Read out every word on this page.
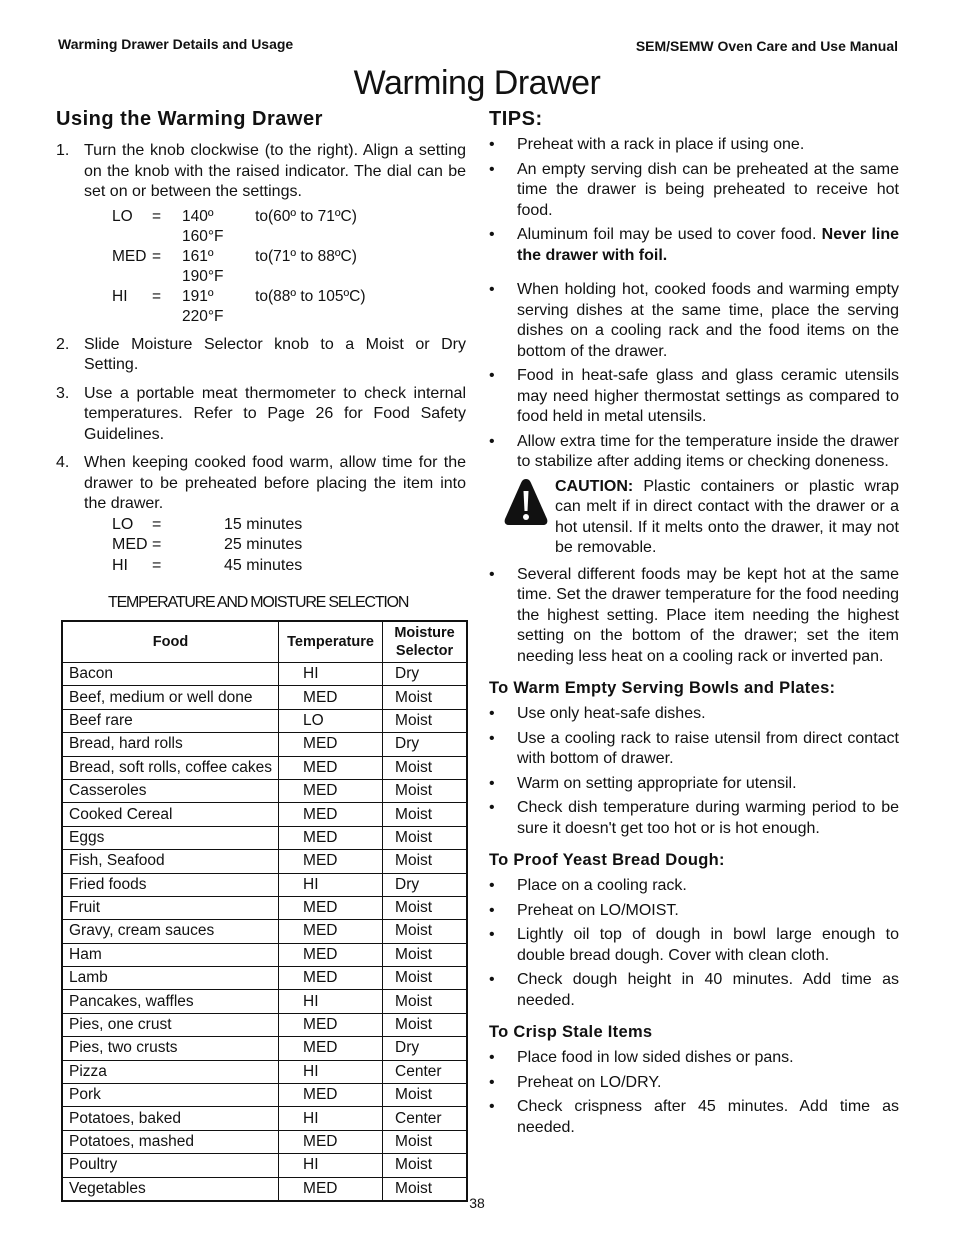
Warming Drawer Details and Usage	SEM/SEMW Oven Care and Use Manual
Warming Drawer
Using the Warming Drawer
1. Turn the knob clockwise (to the right). Align a setting on the knob with the raised indicator. The dial can be set on or between the settings.
LO	=	140º to 160°F
(60º to 71ºC)
MED =	161º to 190°F
(71º to 88ºC)
HI	=	191º to 220°F
(88º to 105ºC)
2. Slide Moisture Selector knob to a Moist or Dry Setting.
3. Use a portable meat thermometer to check internal temperatures. Refer to Page 26 for Food Safety Guidelines.
4. When keeping cooked food warm, allow time for the drawer to be preheated before placing the item into the drawer.
LO	=	15 minutes
MED =	25 minutes
HI	=	45 minutes
TEMPERATURE AND MOISTURE SELECTION
Food	Temperature	Moisture Selector
Bacon	HI	Dry
Beef, medium or well done	MED	Moist
Beef rare	LO	Moist
Bread, hard rolls	MED	Dry
Bread, soft rolls, coffee cakes	MED	Moist
Casseroles	MED	Moist
Cooked Cereal	MED	Moist
Eggs	MED	Moist
Fish, Seafood	MED	Moist
Fried foods	HI	Dry
Fruit	MED	Moist
Gravy, cream sauces	MED	Moist
Ham	MED	Moist
Lamb	MED	Moist
Pancakes, waffles	HI	Moist
Pies, one crust	MED	Moist
Pies, two crusts	MED	Dry
Pizza	HI	Center
Pork	MED	Moist
Potatoes, baked	HI	Center
Potatoes, mashed	MED	Moist
Poultry	HI	Moist
Vegetables	MED	Moist
TIPS:
• Preheat with a rack in place if using one.
• An empty serving dish can be preheated at the same time the drawer is being preheated to receive hot food.
• Aluminum foil may be used to cover food. Never line the drawer with foil.
• When holding hot, cooked foods and warming empty serving dishes at the same time, place the serving dishes on a cooling rack and the food items on the bottom of the drawer.
• Food in heat-safe glass and glass ceramic utensils may need higher thermostat settings as compared to food held in metal utensils.
• Allow extra time for the temperature inside the drawer to stabilize after adding items or checking doneness.
CAUTION: Plastic containers or plastic wrap can melt if in direct contact with the drawer or a hot utensil. If it melts onto the drawer, it may not be removable.
• Several different foods may be kept hot at the same time. Set the drawer temperature for the food needing the highest setting. Place item needing the highest setting on the bottom of the drawer; set the item needing less heat on a cooling rack or inverted pan.
To Warm Empty Serving Bowls and Plates:
• Use only heat-safe dishes.
• Use a cooling rack to raise utensil from direct contact with bottom of drawer.
• Warm on setting appropriate for utensil.
• Check dish temperature during warming period to be sure it doesn't get too hot or is hot enough.
To Proof Yeast Bread Dough:
• Place on a cooling rack.
• Preheat on LO/MOIST.
• Lightly oil top of dough in bowl large enough to double bread dough. Cover with clean cloth.
• Check dough height in 40 minutes. Add time as needed.
To Crisp Stale Items
• Place food in low sided dishes or pans.
• Preheat on LO/DRY.
• Check crispness after 45 minutes. Add time as needed.
38
